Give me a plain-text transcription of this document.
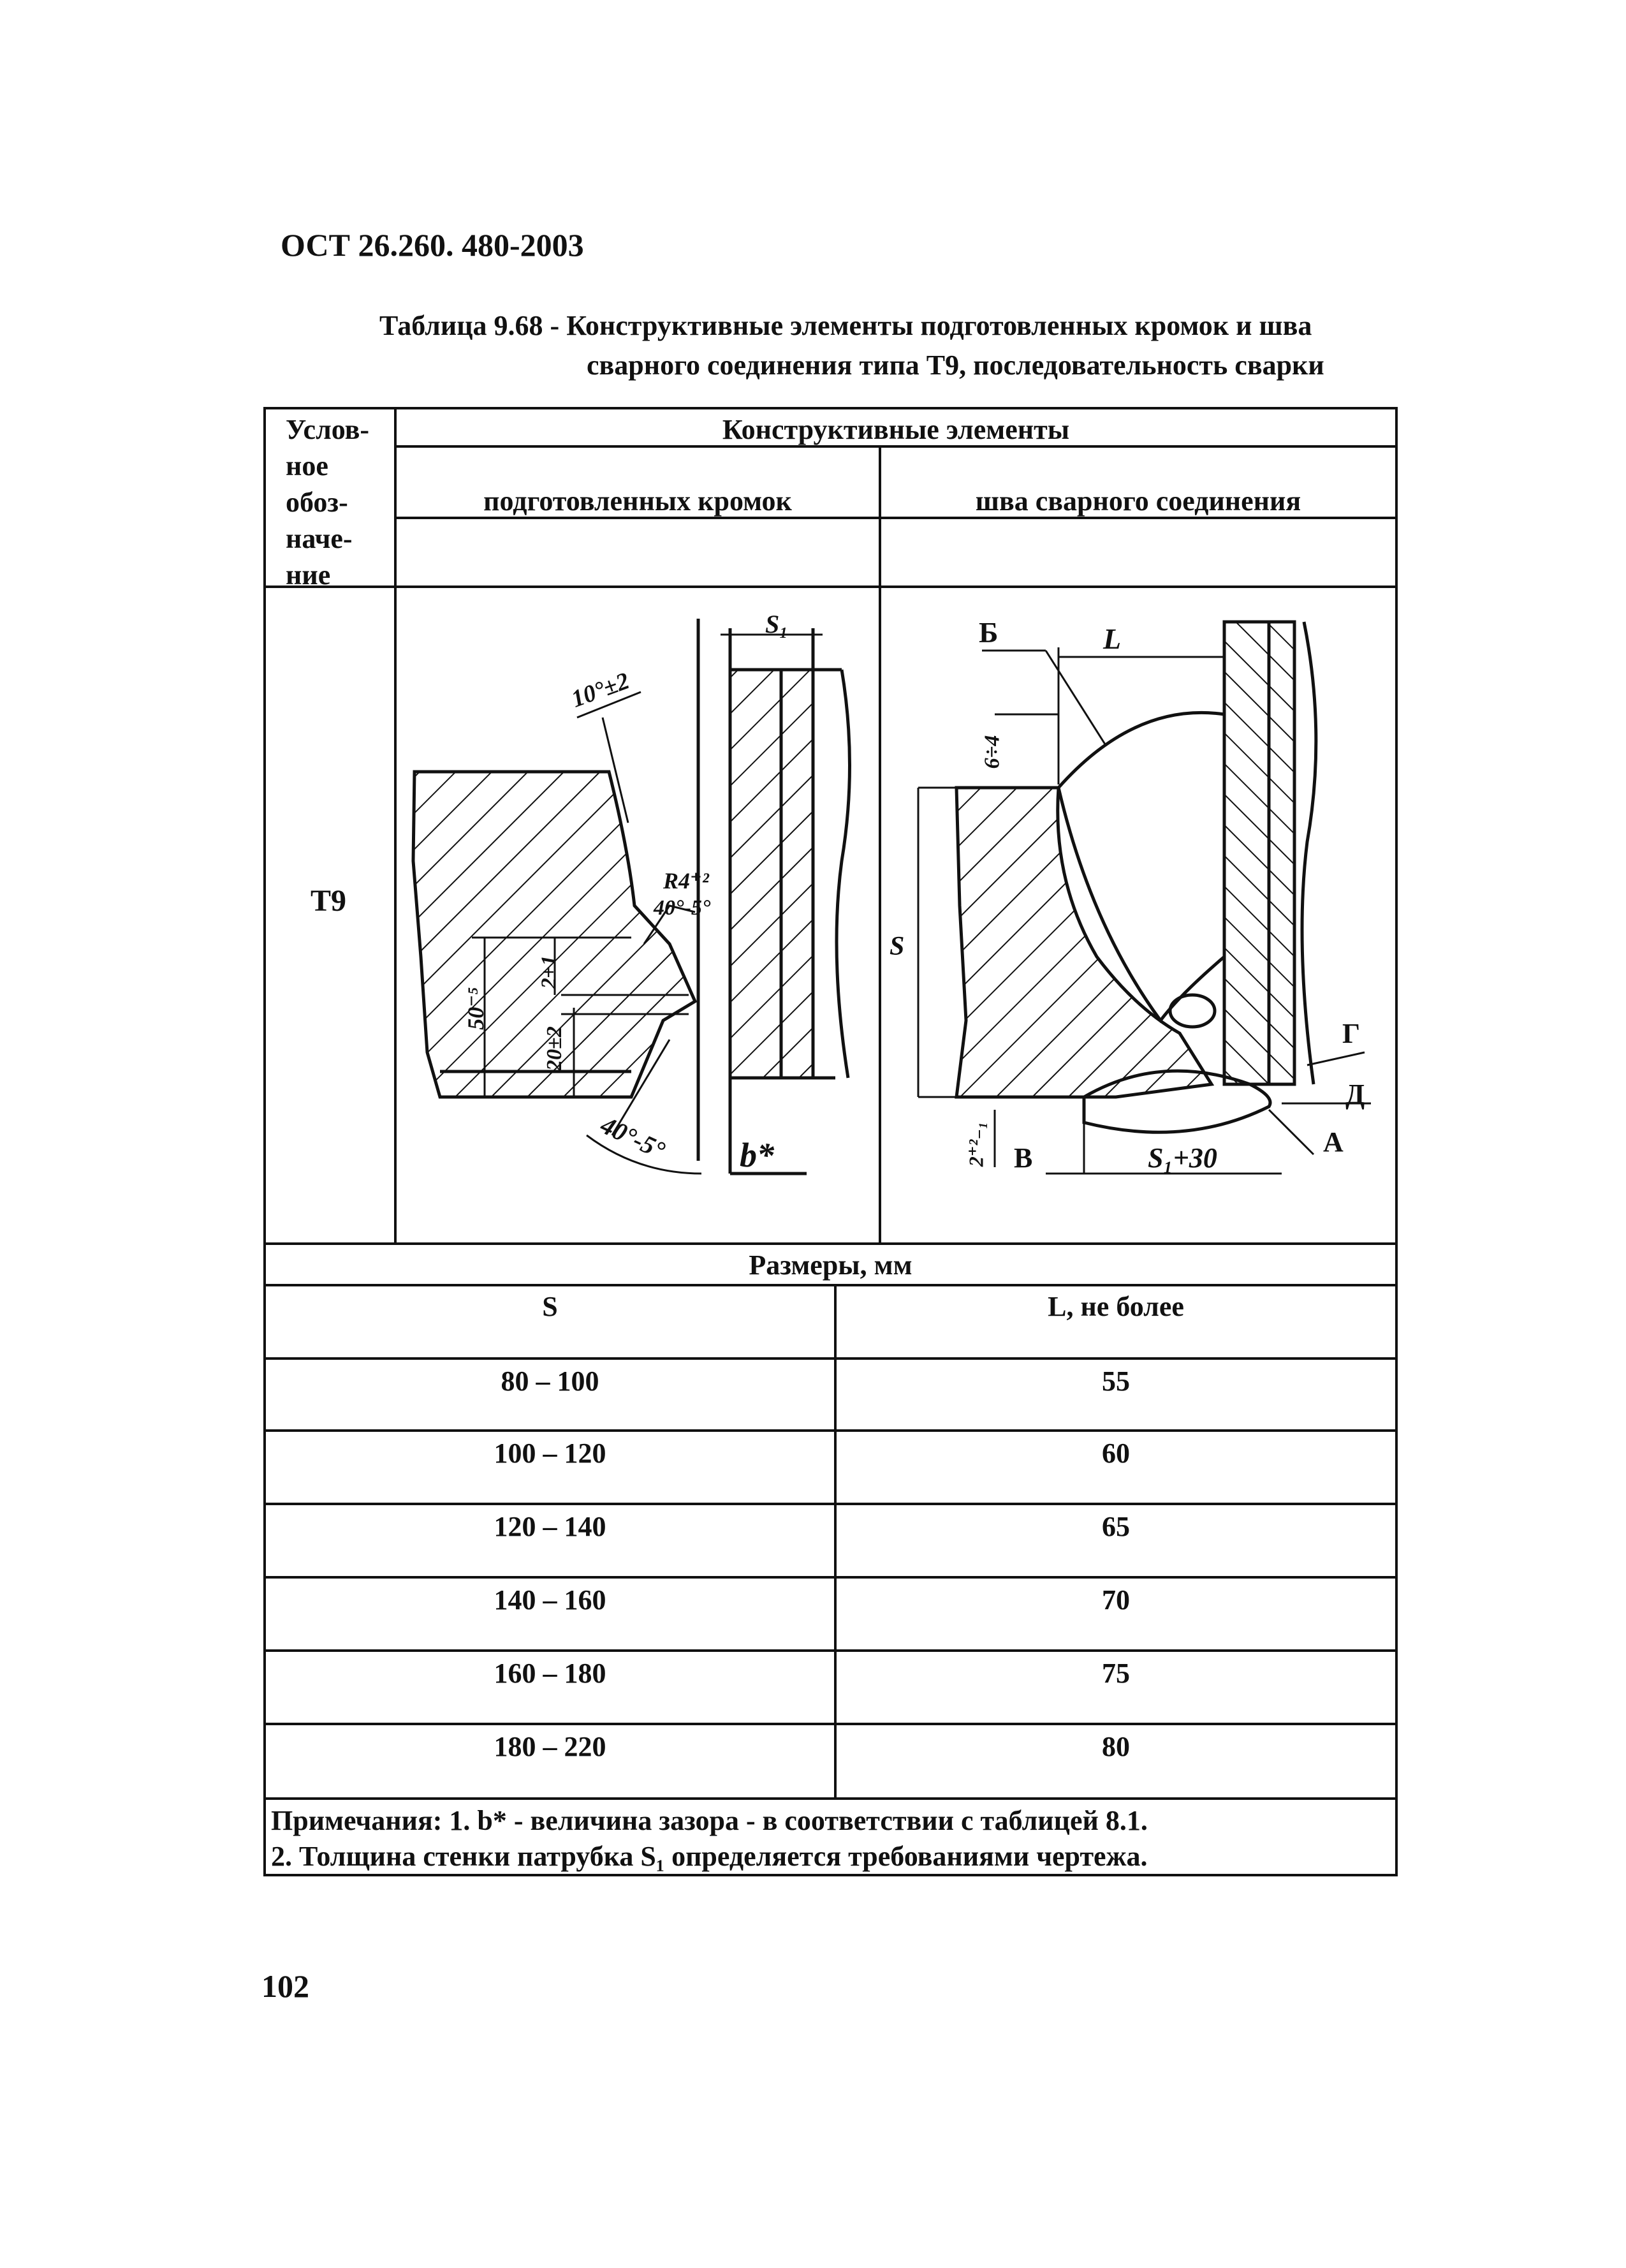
ОСТ 26.260. 480-2003
Таблица 9.68 - Конструктивные элементы подготовленных кромок и шва
сварного соединения типа Т9, последовательность сварки
Услов-
ное
обоз-
наче-
ние
Конструктивные элементы
подготовленных кромок	шва сварного соединения
Т9
S₁
10°±2
R4⁺²
40°-5°
50⁻⁵
2±1
20±2
40°-5° b*
Б	L
6÷4
S
Г
Д
А
В
2⁺²₋₁	S₁+30
Размеры, мм
S	L, не более
80 – 100	55
100 – 120	60
120 – 140	65
140 – 160	70
160 – 180	75
180 – 220	80
Примечания: 1. b* - величина зазора - в соответствии с таблицей 8.1.
2. Толщина стенки патрубка S₁ определяется требованиями чертежа.
102
